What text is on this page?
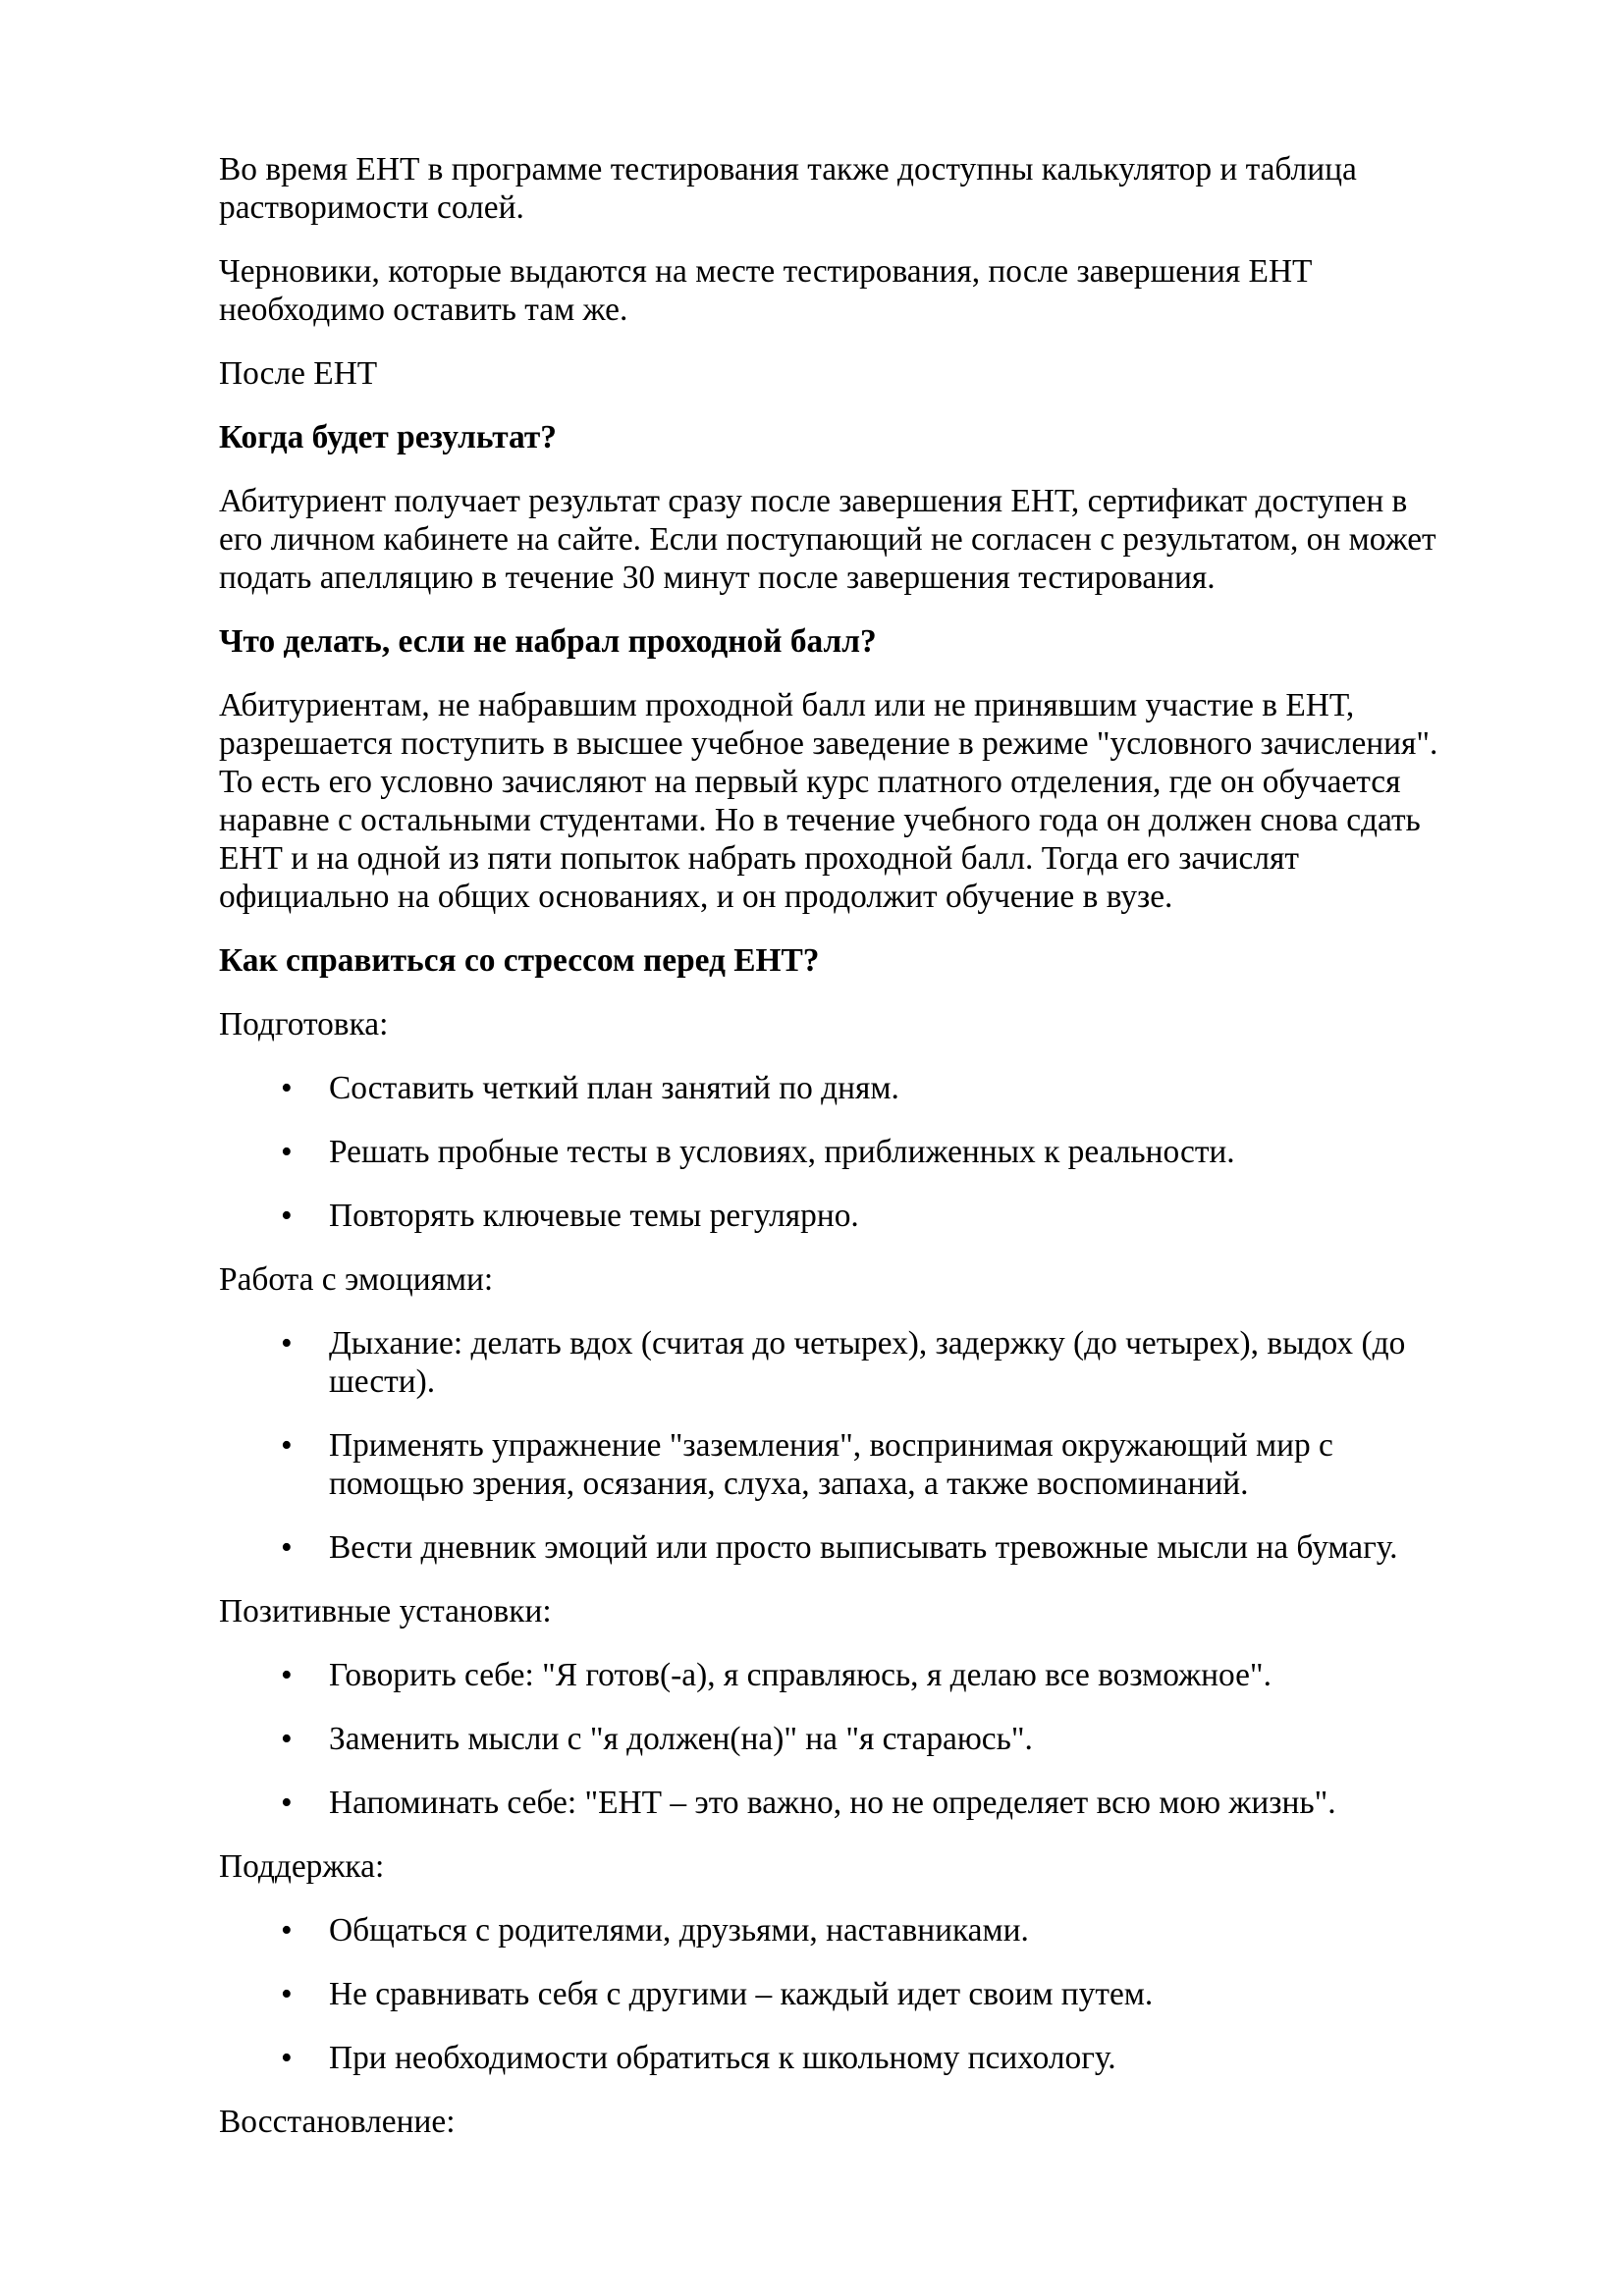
Во время ЕНТ в программе тестирования также доступны калькулятор и таблица растворимости солей.

Черновики, которые выдаются на месте тестирования, после завершения ЕНТ необходимо оставить там же.

После ЕНТ

Когда будет результат?

Абитуриент получает результат сразу после завершения ЕНТ, сертификат доступен в его личном кабинете на сайте. Если поступающий не согласен с результатом, он может подать апелляцию в течение 30 минут после завершения тестирования.

Что делать, если не набрал проходной балл?

Абитуриентам, не набравшим проходной балл или не принявшим участие в ЕНТ, разрешается поступить в высшее учебное заведение в режиме "условного зачисления". То есть его условно зачисляют на первый курс платного отделения, где он обучается наравне с остальными студентами. Но в течение учебного года он должен снова сдать ЕНТ и на одной из пяти попыток набрать проходной балл. Тогда его зачислят официально на общих основаниях, и он продолжит обучение в вузе.

Как справиться со стрессом перед ЕНТ?

Подготовка:

• Составить четкий план занятий по дням.
• Решать пробные тесты в условиях, приближенных к реальности.
• Повторять ключевые темы регулярно.

Работа с эмоциями:

• Дыхание: делать вдох (считая до четырех), задержку (до четырех), выдох (до шести).
• Применять упражнение "заземления", воспринимая окружающий мир с помощью зрения, осязания, слуха, запаха, а также воспоминаний.
• Вести дневник эмоций или просто выписывать тревожные мысли на бумагу.

Позитивные установки:

• Говорить себе: "Я готов(-а), я справляюсь, я делаю все возможное".
• Заменить мысли с "я должен(на)" на "я стараюсь".
• Напоминать себе: "ЕНТ – это важно, но не определяет всю мою жизнь".

Поддержка:

• Общаться с родителями, друзьями, наставниками.
• Не сравнивать себя с другими – каждый идет своим путем.
• При необходимости обратиться к школьному психологу.

Восстановление:
